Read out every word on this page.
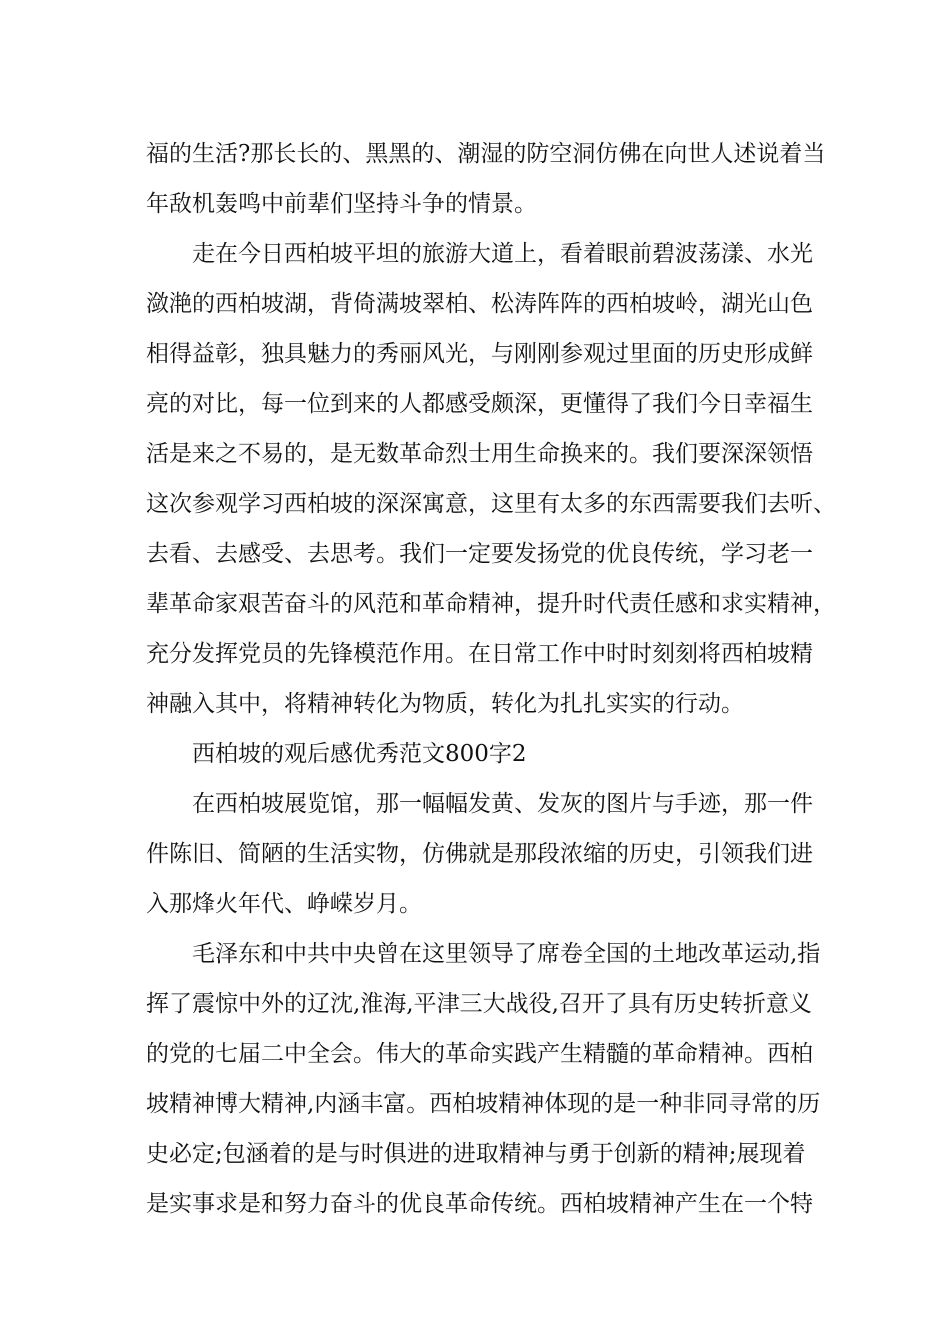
福的生活?那长长的、黑黑的、潮湿的防空洞仿佛在向世人述说着当
年敌机轰鸣中前辈们坚持斗争的情景。
走在今日西柏坡平坦的旅游大道上，看着眼前碧波荡漾、水光
潋滟的西柏坡湖，背倚满坡翠柏、松涛阵阵的西柏坡岭，湖光山色
相得益彰，独具魅力的秀丽风光，与刚刚参观过里面的历史形成鲜
亮的对比，每一位到来的人都感受颇深，更懂得了我们今日幸福生
活是来之不易的，是无数革命烈士用生命换来的。我们要深深领悟
这次参观学习西柏坡的深深寓意，这里有太多的东西需要我们去听、
去看、去感受、去思考。我们一定要发扬党的优良传统，学习老一
辈革命家艰苦奋斗的风范和革命精神，提升时代责任感和求实精神，
充分发挥党员的先锋模范作用。在日常工作中时时刻刻将西柏坡精
神融入其中，将精神转化为物质，转化为扎扎实实的行动。
西柏坡的观后感优秀范文800字2
在西柏坡展览馆，那一幅幅发黄、发灰的图片与手迹，那一件
件陈旧、简陋的生活实物，仿佛就是那段浓缩的历史，引领我们进
入那烽火年代、峥嵘岁月。
毛泽东和中共中央曾在这里领导了席卷全国的土地改革运动,指
挥了震惊中外的辽沈,淮海,平津三大战役,召开了具有历史转折意义
的党的七届二中全会。伟大的革命实践产生精髓的革命精神。西柏
坡精神博大精神,内涵丰富。西柏坡精神体现的是一种非同寻常的历
史必定;包涵着的是与时俱进的进取精神与勇于创新的精神;展现着
是实事求是和努力奋斗的优良革命传统。西柏坡精神产生在一个特
